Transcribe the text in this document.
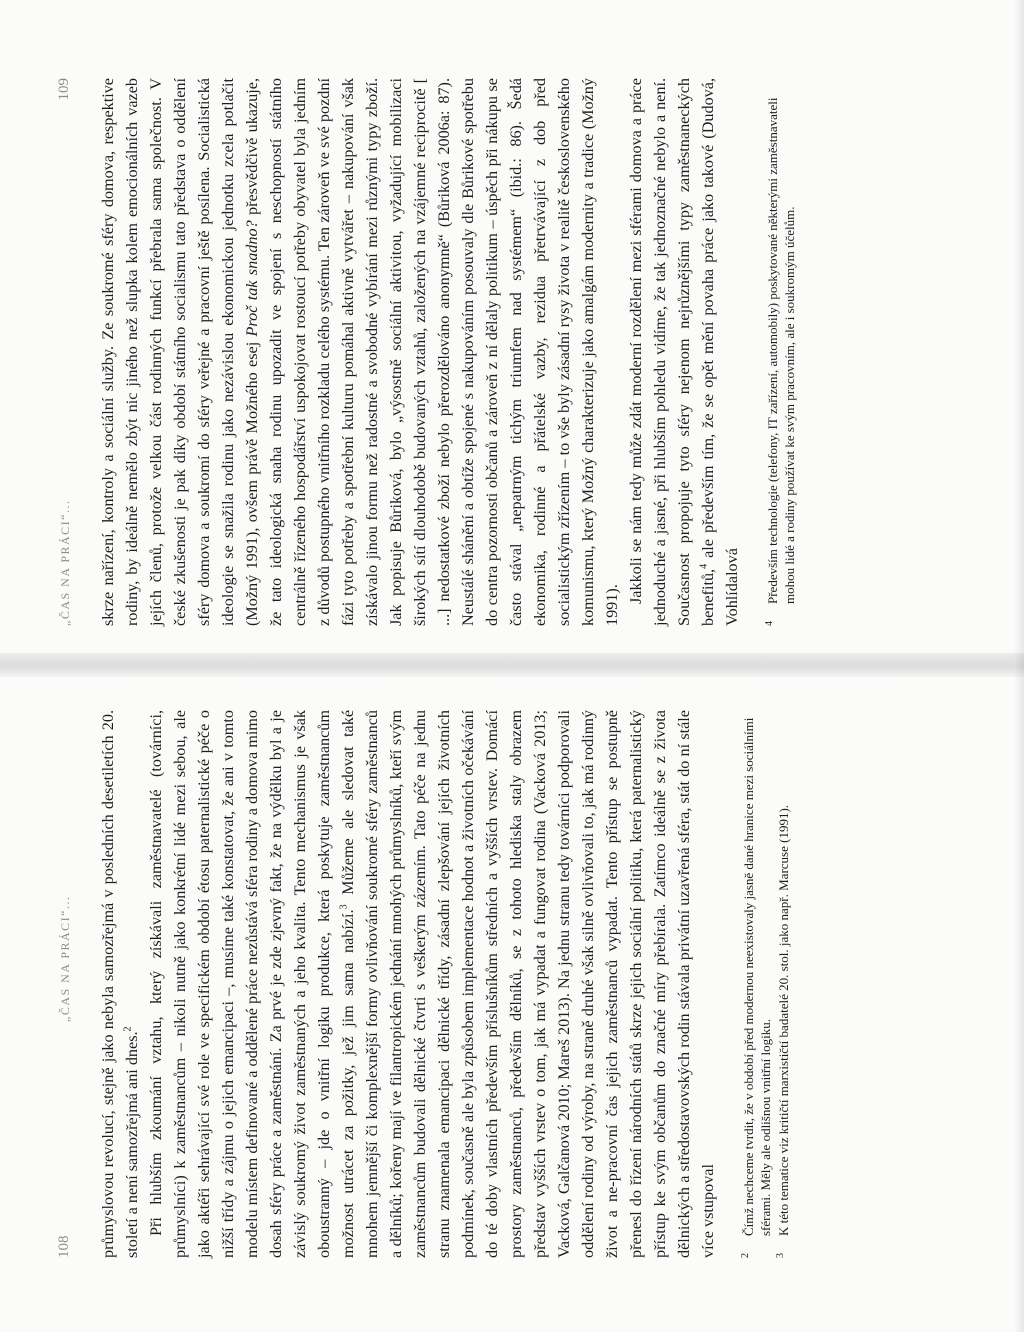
108
„ČAS NA PRÁCI“... průmyslovou revolucí, stejně jako nebyla samozřejmá v posledních desetiletích 20. století a není samozřejmá ani dnes.$^2$ Při hlubším zkoumání vztahu, který získávali zaměstnavatelé (továrníci, průmyslníci) k zaměstnancům – nikoli nutně jako konkrétní lidé mezi sebou, ale jako aktéři sehrávající své role ve specifickém období étosu paternalistické péče o nižší třídy a zájmu o jejich emancipaci –, musíme také konstatovat, že ani v tomto modelu místem definované a oddělené práce nezůstává sféra rodiny a domova mimo dosah sféry práce a zaměstnání. Za prvé je zde zjevný fakt, že na výdělku byl a je závislý soukromý život zaměstnaných a jeho kvalita. Tento mechanismus je však oboustranný – jde o vnitřní logiku produkce, která poskytuje zaměstnancům možnost utrácet za požitky, jež jim sama nabízí.$^3$ Můžeme ale sledovat také mnohem jemnější či komplexnější formy ovlivňování soukromé sféry zaměstnanců a dělníků; kořeny mají ve filantropickém jednání mnohých průmyslníků, kteří svým zaměstnancům budovali dělnické čtvrti s veškerým zázemím. Tato péče na jednu stranu znamenala emancipaci dělnické třídy, zásadní zlepšování jejích životních podmínek, současně ale byla způsobem implementace hodnot a životních očekávání do té doby vlastních především příslušníkům středních a vyšších vrstev. Domácí prostory zaměstnanců, především dělníků, se z tohoto hlediska staly obrazem představ vyšších vrstev o tom, jak má vypadat a fungovat rodina (Vacková 2013; Vacková, Galčanová 2010; Mareš 2013). Na jednu stranu tedy továrníci podporovali oddělení rodiny od výroby, na straně druhé však silně ovlivňovali to, jak má rodinný život a ne-pracovní čas jejich zaměstnanců vypadat. Tento přístup se postupně přenesl do řízení národních států skrze jejich sociální politiku, která paternalistický přístup ke svým občanům do značné míry přebírala. Zatímco ideálně se z života dělnických a středostavovských rodin stávala privátní uzavřená sféra, stát do ní stále více vstupoval	2
Čímž nechceme tvrdit, že v období před modernou neexistovaly jasně dané hranice mezi sociálními sférami. Měly ale odlišnou vnitřní logiku.
3
K této tematice viz kritičtí marxističtí badatelé 20. stol. jako např. Marcuse (1991).
„ČAS NA PRÁCI“...
109 skrze nařízení, kontroly a sociální služby. Ze soukromé sféry domova, respektive rodiny, by ideálně nemělo zbýt nic jiného než slupka kolem emocionálních vazeb jejích členů, protože velkou část rodinných funkcí přebrala sama společnost. V české zkušenosti je pak díky období státního socialismu tato představa o oddělení sféry domova a soukromí do sféry veřejné a pracovní ještě posílena. Socialistická ideologie se snažila rodinu jako nezávislou ekonomickou jednotku zcela potlačit (Možný 1991), ovšem právě Možného esej Proč tak snadno? přesvědčivě ukazuje, že tato ideologická snaha rodinu upozadit ve spojení s neschopností státního centrálně řízeného hospodářství uspokojovat rostoucí potřeby obyvatel byla jedním z důvodů postupného vnitřního rozkladu celého systému. Ten zároveň ve své pozdní fázi tyto potřeby a spotřební kulturu pomáhal aktivně vytvářet – nakupování však získávalo jinou formu než radostné a svobodné vybírání mezi různými typy zboží. Jak popisuje Bůriková, bylo „výsostně sociální aktivitou, vyžadující mobilizaci širokých sítí dlouhodobě budovaných vztahů, založených na vzájemné reciprocitě [ ...] nedostatkové zboží nebylo přerozdělováno anonymně“ (Bůriková 2006a: 87). Neustálé shánění a obtíže spojené s nakupováním posouvaly dle Bůrikové spotřebu do centra pozornosti občanů a zároveň z ní dělaly politikum – úspěch při nákupu se často stával „nepatrným tichým triumfem nad systémem“ (ibid.: 86). Šedá ekonomika, rodinné a přátelské vazby, rezidua přetrvávající z dob před socialistickým zřízením – to vše byly zásadní rysy života v realitě československého komunismu, který Možný charakterizuje jako amalgám modernity a tradice (Možný 1991).

Jakkoli se nám tedy může zdát moderní rozdělení mezi sférami domova a práce jednoduché a jasné, při hlubším pohledu vidíme, že tak jednoznačné nebylo a není. Současnost propojuje tyto sféry nejenom nejrůznějšími typy zaměstnaneckých benefitů,$^4$ ale především tím, že se opět mění povaha práce jako takové (Dudová, Vohlídalová	4
Především technologie (telefony, IT zařízení, automobily) poskytované některými zaměstnavateli mohou lidé a rodiny používat ke svým pracovním, ale i soukromým účelům.
